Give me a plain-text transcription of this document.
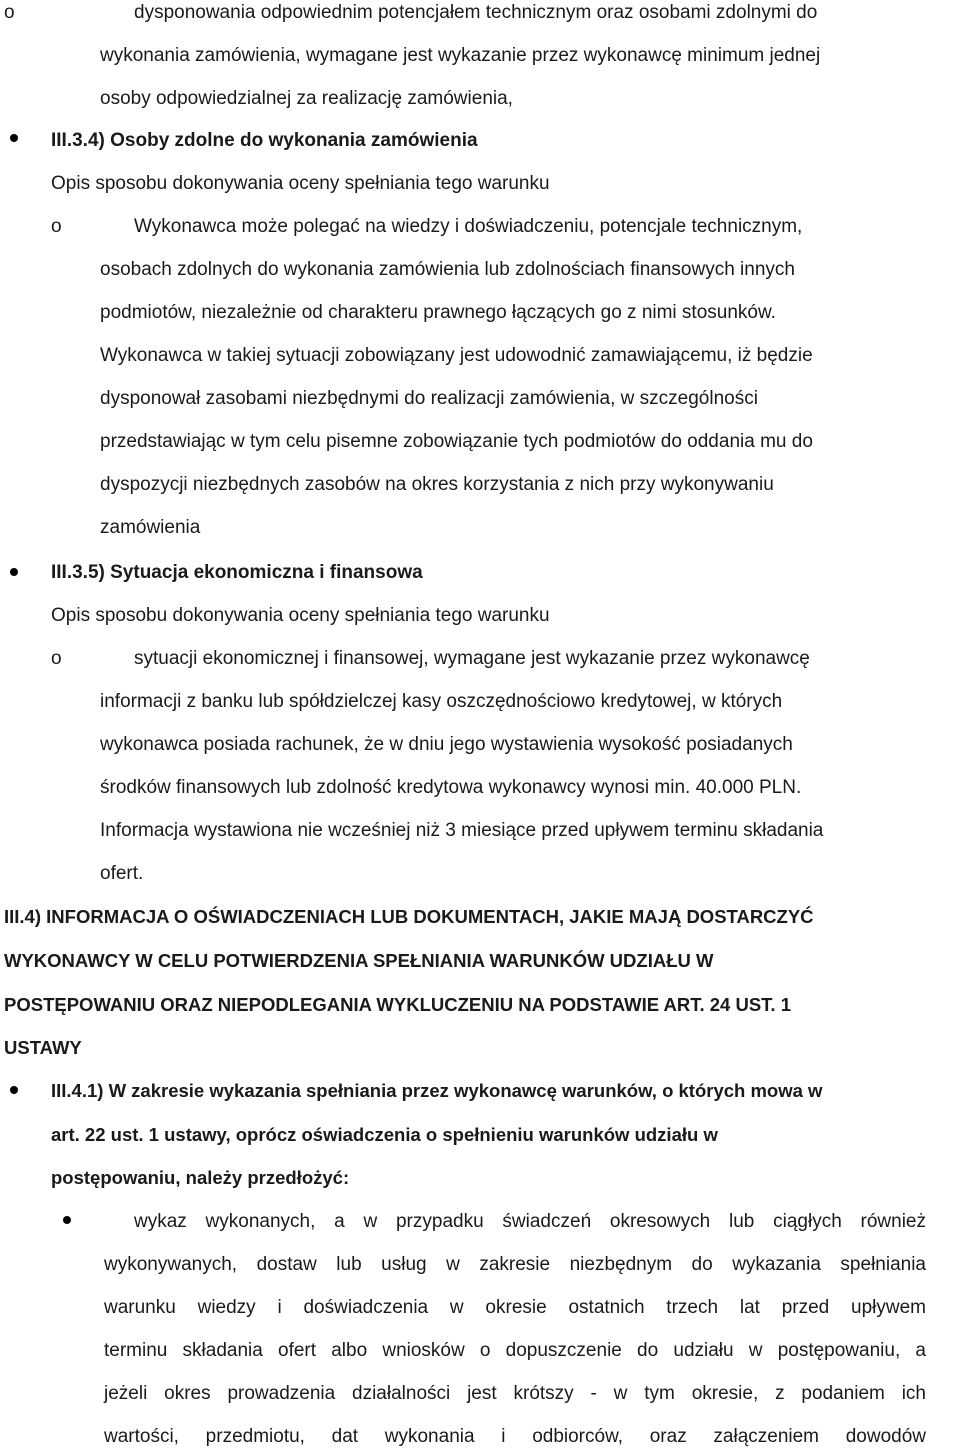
o	dysponowania odpowiednim potencjałem technicznym oraz osobami zdolnymi do
wykonania zamówienia, wymagane jest wykazanie przez wykonawcę minimum jednej
osoby odpowiedzialnej za realizację zamówienia,
III.3.4) Osoby zdolne do wykonania zamówienia
Opis sposobu dokonywania oceny spełniania tego warunku
o	Wykonawca może polegać na wiedzy i doświadczeniu, potencjale technicznym,
osobach zdolnych do wykonania zamówienia lub zdolnościach finansowych innych
podmiotów, niezależnie od charakteru prawnego łączących go z nimi stosunków.
Wykonawca w takiej sytuacji zobowiązany jest udowodnić zamawiającemu, iż będzie
dysponował zasobami niezbędnymi do realizacji zamówienia, w szczególności
przedstawiając w tym celu pisemne zobowiązanie tych podmiotów do oddania mu do
dyspozycji niezbędnych zasobów na okres korzystania z nich przy wykonywaniu
zamówienia
III.3.5) Sytuacja ekonomiczna i finansowa
Opis sposobu dokonywania oceny spełniania tego warunku
o	sytuacji ekonomicznej i finansowej, wymagane jest wykazanie przez wykonawcę
informacji z banku lub spółdzielczej kasy oszczędnościowo kredytowej, w których
wykonawca posiada rachunek, że w dniu jego wystawienia wysokość posiadanych
środków finansowych lub zdolność kredytowa wykonawcy wynosi min. 40.000 PLN.
Informacja wystawiona nie wcześniej niż 3 miesiące przed upływem terminu składania
ofert.
III.4) INFORMACJA O OŚWIADCZENIACH LUB DOKUMENTACH, JAKIE MAJĄ DOSTARCZYĆ
WYKONAWCY W CELU POTWIERDZENIA SPEŁNIANIA WARUNKÓW UDZIAŁU W
POSTĘPOWANIU ORAZ NIEPODLEGANIA WYKLUCZENIU NA PODSTAWIE ART. 24 UST. 1
USTAWY
III.4.1) W zakresie wykazania spełniania przez wykonawcę warunków, o których mowa w
art. 22 ust. 1 ustawy, oprócz oświadczenia o spełnieniu warunków udziału w
postępowaniu, należy przedłożyć:
wykaz wykonanych, a w przypadku świadczeń okresowych lub ciągłych również
wykonywanych, dostaw lub usług w zakresie niezbędnym do wykazania spełniania
warunku wiedzy i doświadczenia w okresie ostatnich trzech lat przed upływem
terminu składania ofert albo wniosków o dopuszczenie do udziału w postępowaniu, a
jeżeli okres prowadzenia działalności jest krótszy - w tym okresie, z podaniem ich
wartości, przedmiotu, dat wykonania i odbiorców, oraz załączeniem dowodów
